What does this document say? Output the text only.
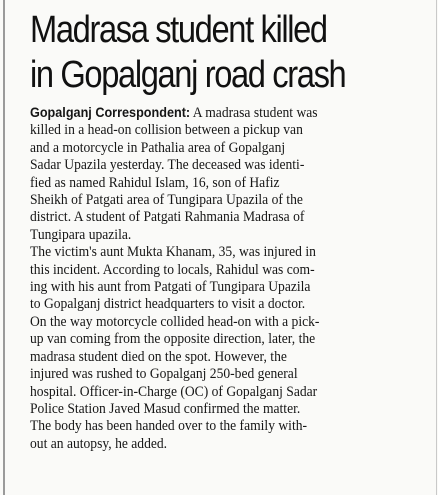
Madrasa student killed
in Gopalganj road crash
Gopalganj Correspondent: A madrasa student was
killed in a head-on collision between a pickup van
and a motorcycle in Pathalia area of Gopalganj
Sadar Upazila yesterday. The deceased was identi-
fied as named Rahidul Islam, 16, son of Hafiz
Sheikh of Patgati area of Tungipara Upazila of the
district. A student of Patgati Rahmania Madrasa of
Tungipara upazila.
The victim's aunt Mukta Khanam, 35, was injured in
this incident. According to locals, Rahidul was com-
ing with his aunt from Patgati of Tungipara Upazila
to Gopalganj district headquarters to visit a doctor.
On the way motorcycle collided head-on with a pick-
up van coming from the opposite direction, later, the
madrasa student died on the spot. However, the
injured was rushed to Gopalganj 250-bed general
hospital. Officer-in-Charge (OC) of Gopalganj Sadar
Police Station Javed Masud confirmed the matter.
The body has been handed over to the family with-
out an autopsy, he added.
